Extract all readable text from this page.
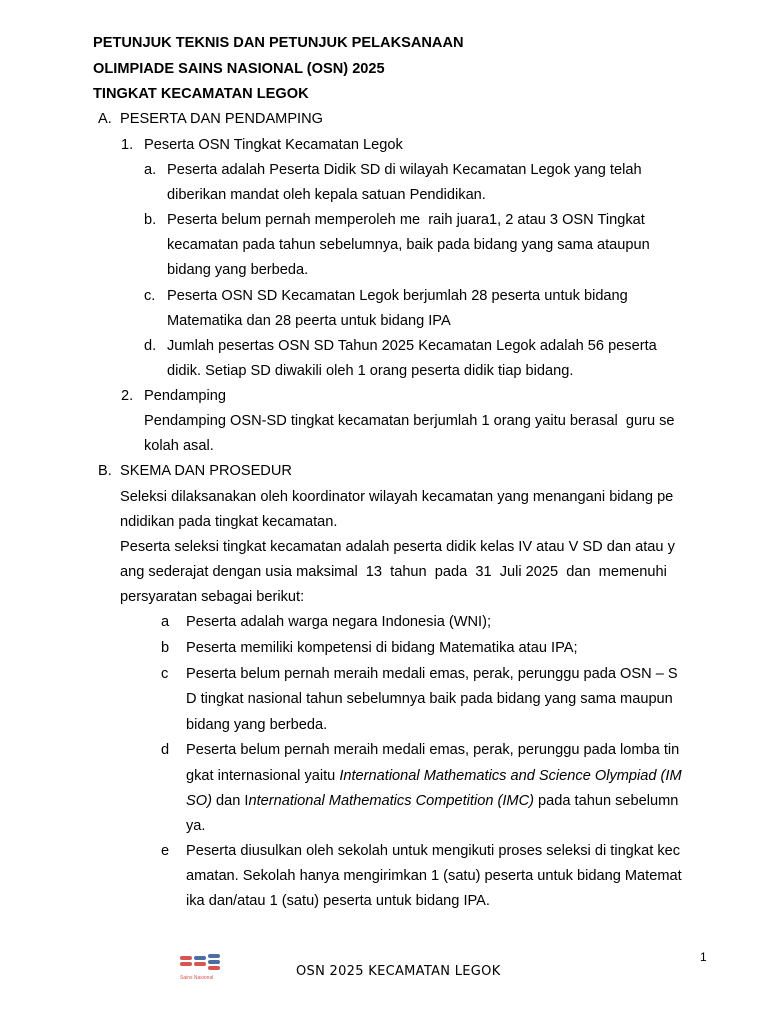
PETUNJUK TEKNIS DAN PETUNJUK PELAKSANAAN
OLIMPIADE SAINS NASIONAL (OSN) 2025
TINGKAT KECAMATAN LEGOK
A. PESERTA DAN PENDAMPING
1. Peserta OSN Tingkat Kecamatan Legok
a. Peserta adalah Peserta Didik SD di wilayah Kecamatan Legok yang telah
diberikan mandat oleh kepala satuan Pendidikan.
b. Peserta belum pernah memperoleh me  raih juara1, 2 atau 3 OSN Tingkat
kecamatan pada tahun sebelumnya, baik pada bidang yang sama ataupun
bidang yang berbeda.
c. Peserta OSN SD Kecamatan Legok berjumlah 28 peserta untuk bidang
Matematika dan 28 peerta untuk bidang IPA
d. Jumlah pesertas OSN SD Tahun 2025 Kecamatan Legok adalah 56 peserta
didik. Setiap SD diwakili oleh 1 orang peserta didik tiap bidang.
2. Pendamping
Pendamping OSN-SD tingkat kecamatan berjumlah 1 orang yaitu berasal  guru se
kolah asal.
B. SKEMA DAN PROSEDUR
Seleksi dilaksanakan oleh koordinator wilayah kecamatan yang menangani bidang pe
ndidikan pada tingkat kecamatan.
Peserta seleksi tingkat kecamatan adalah peserta didik kelas IV atau V SD dan atau y
ang sederajat dengan usia maksimal  13  tahun  pada  31  Juli 2025  dan  memenuhi
persyaratan sebagai berikut:
a Peserta adalah warga negara Indonesia (WNI);
b Peserta memiliki kompetensi di bidang Matematika atau IPA;
c Peserta belum pernah meraih medali emas, perak, perunggu pada OSN – S
D tingkat nasional tahun sebelumnya baik pada bidang yang sama maupun
bidang yang berbeda.
d Peserta belum pernah meraih medali emas, perak, perunggu pada lomba tin
gkat internasional yaitu International Mathematics and Science Olympiad (IM
SO) dan International Mathematics Competition (IMC) pada tahun sebelumn
ya.
e Peserta diusulkan oleh sekolah untuk mengikuti proses seleksi di tingkat kec
amatan. Sekolah hanya mengirimkan 1 (satu) peserta untuk bidang Matemat
ika dan/atau 1 (satu) peserta untuk bidang IPA.
1
Sains Nasional	OSN 2025 KECAMATAN LEGOK
